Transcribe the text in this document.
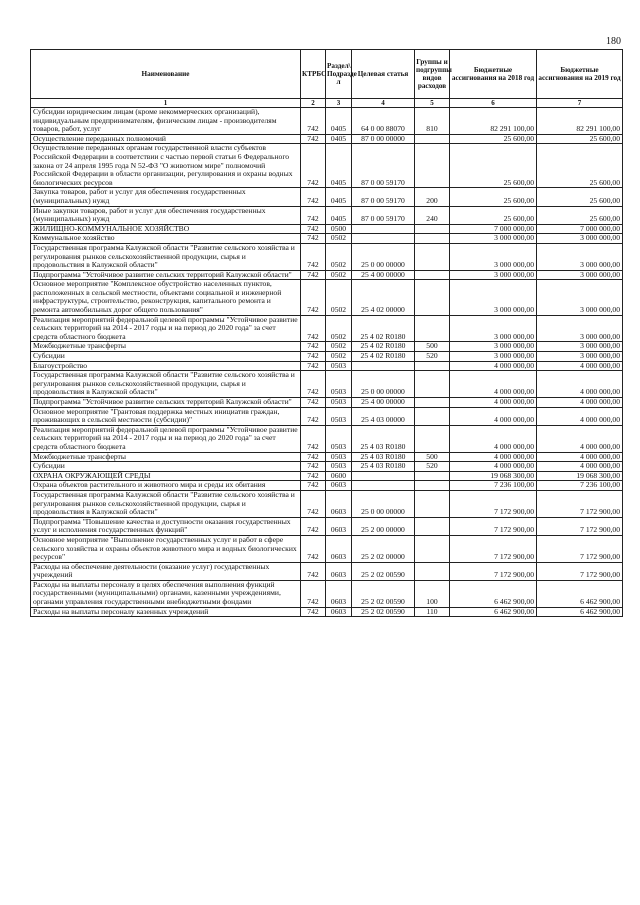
180
Наименование	КТРБС	Раздел\ Подразде л	Целевая статья	Группы и подгруппы видов расходов	Бюджетные ассигнования на 2018 год	Бюджетные ассигнования на 2019 год
1	2	3	4	5	6	7
Субсидии юридическим лицам (кроме некоммерческих организаций), индивидуальным предпринимателям, физическим лицам - производителям товаров, работ, услуг	742	0405	64 0 00 88070	810	82 291 100,00	82 291 100,00
Осуществление переданных полномочий	742	0405	87 0 00 00000		25 600,00	25 600,00
Осуществление переданных органам государственной власти субъектов Российской Федерации в соответствии с частью первой статьи 6 Федерального закона от 24 апреля 1995 года N 52-ФЗ "О животном мире" полномочий Российской Федерации в области организации, регулирования и охраны водных биологических ресурсов	742	0405	87 0 00 59170		25 600,00	25 600,00
Закупка товаров, работ и услуг для обеспечения государственных (муниципальных) нужд	742	0405	87 0 00 59170	200	25 600,00	25 600,00
Иные закупки товаров, работ и услуг для обеспечения государственных (муниципальных) нужд	742	0405	87 0 00 59170	240	25 600,00	25 600,00
ЖИЛИЩНО-КОММУНАЛЬНОЕ ХОЗЯЙСТВО	742	0500			7 000 000,00	7 000 000,00
Коммунальное хозяйство	742	0502			3 000 000,00	3 000 000,00
Государственная программа Калужской области "Развитие сельского хозяйства и регулирования рынков сельскохозяйственной продукции, сырья и продовольствия в Калужской области"	742	0502	25 0 00 00000		3 000 000,00	3 000 000,00
Подпрограмма "Устойчивое развитие сельских территорий Калужской области"	742	0502	25 4 00 00000		3 000 000,00	3 000 000,00
Основное мероприятие "Комплексное обустройство населенных пунктов, расположенных в сельской местности, объектами социальной и инженерной инфраструктуры, строительство, реконструкция, капитального ремонта и ремонта автомобильных дорог общего пользования"	742	0502	25 4 02 00000		3 000 000,00	3 000 000,00
Реализация мероприятий федеральной целевой программы "Устойчивое развитие сельских территорий на 2014 - 2017 годы и на период до 2020 года" за счет средств областного бюджета	742	0502	25 4 02 R0180		3 000 000,00	3 000 000,00
Межбюджетные трансферты	742	0502	25 4 02 R0180	500	3 000 000,00	3 000 000,00
Субсидии	742	0502	25 4 02 R0180	520	3 000 000,00	3 000 000,00
Благоустройство	742	0503			4 000 000,00	4 000 000,00
Государственная программа Калужской области "Развитие сельского хозяйства и регулирования рынков сельскохозяйственной продукции, сырья и продовольствия в Калужской области"	742	0503	25 0 00 00000		4 000 000,00	4 000 000,00
Подпрограмма "Устойчивое развитие сельских территорий Калужской области"	742	0503	25 4 00 00000		4 000 000,00	4 000 000,00
Основное мероприятие "Грантовая поддержка местных инициатив граждан, проживающих в сельской местности (субсидии)"	742	0503	25 4 03 00000		4 000 000,00	4 000 000,00
Реализация мероприятий федеральной целевой программы "Устойчивое развитие сельских территорий на 2014 - 2017 годы и на период до 2020 года" за счет средств областного бюджета	742	0503	25 4 03 R0180		4 000 000,00	4 000 000,00
Межбюджетные трансферты	742	0503	25 4 03 R0180	500	4 000 000,00	4 000 000,00
Субсидии	742	0503	25 4 03 R0180	520	4 000 000,00	4 000 000,00
ОХРАНА ОКРУЖАЮЩЕЙ СРЕДЫ	742	0600			19 068 300,00	19 068 300,00
Охрана объектов растительного и животного мира и среды их обитания	742	0603			7 236 100,00	7 236 100,00
Государственная программа Калужской области "Развитие сельского хозяйства и регулирования рынков сельскохозяйственной продукции, сырья и продовольствия в Калужской области"	742	0603	25 0 00 00000		7 172 900,00	7 172 900,00
Подпрограмма "Повышение качества и доступности оказания государственных услуг и исполнения государственных функций"	742	0603	25 2 00 00000		7 172 900,00	7 172 900,00
Основное мероприятие "Выполнение государственных услуг и работ в сфере сельского хозяйства и охраны объектов животного мира и водных биологических ресурсов"	742	0603	25 2 02 00000		7 172 900,00	7 172 900,00
Расходы на обеспечение деятельности (оказание услуг) государственных учреждений	742	0603	25 2 02 00590		7 172 900,00	7 172 900,00
Расходы на выплаты персоналу в целях обеспечения выполнения функций государственными (муниципальными) органами, казенными учреждениями, органами управления государственными внебюджетными фондами	742	0603	25 2 02 00590	100	6 462 900,00	6 462 900,00
Расходы на выплаты персоналу казенных учреждений	742	0603	25 2 02 00590	110	6 462 900,00	6 462 900,00
